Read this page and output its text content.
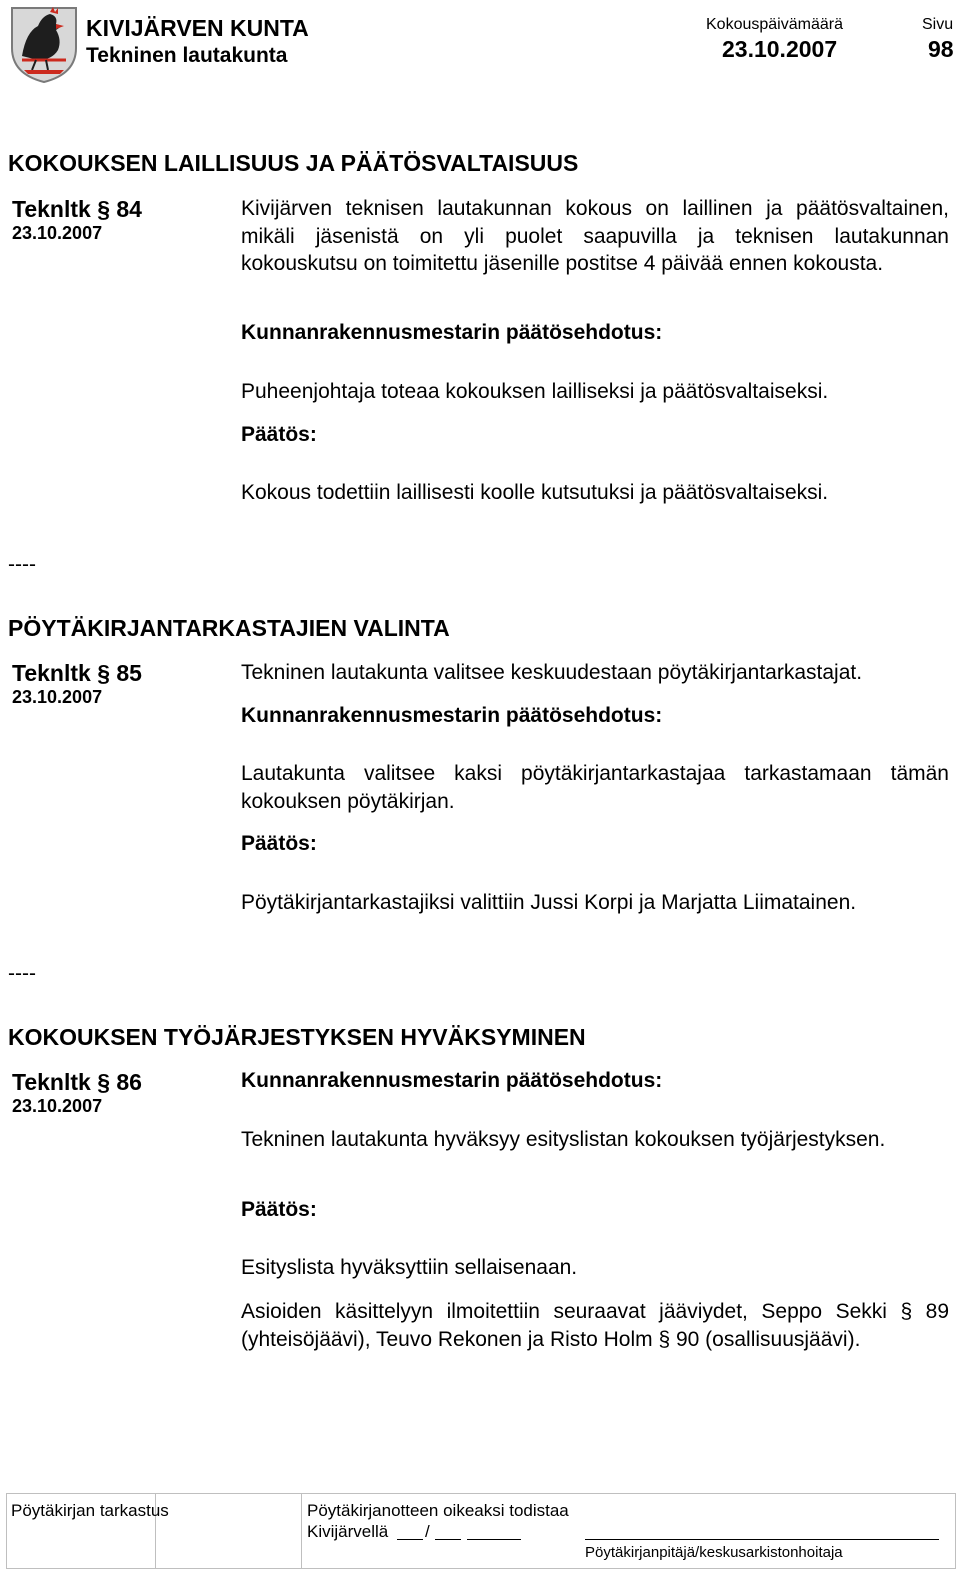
KIVIJÄRVEN KUNTA
Tekninen lautakunta
Kokouspäivämäärä
23.10.2007
Sivu
98
KOKOUKSEN LAILLISUUS JA PÄÄTÖSVALTAISUUS
Teknltk § 84
23.10.2007
Kivijärven teknisen lautakunnan kokous on laillinen ja päätösvaltainen, mikäli jäsenistä on yli puolet saapuvilla ja teknisen lautakunnan kokouskutsu on toimitettu jäsenille postitse 4 päivää ennen kokousta.
Kunnanrakennusmestarin päätösehdotus:
Puheenjohtaja toteaa kokouksen lailliseksi ja päätösvaltaiseksi.
Päätös:
Kokous todettiin laillisesti koolle kutsutuksi ja päätösvaltaiseksi.
----
PÖYTÄKIRJANTARKASTAJIEN VALINTA
Teknltk § 85
23.10.2007
Tekninen lautakunta valitsee keskuudestaan pöytäkirjantarkastajat.
Kunnanrakennusmestarin päätösehdotus:
Lautakunta valitsee kaksi pöytäkirjantarkastajaa tarkastamaan tämän kokouksen pöytäkirjan.
Päätös:
Pöytäkirjantarkastajiksi valittiin Jussi Korpi ja Marjatta Liimatainen.
----
KOKOUKSEN TYÖJÄRJESTYKSEN HYVÄKSYMINEN
Teknltk § 86
23.10.2007
Kunnanrakennusmestarin päätösehdotus:
Tekninen lautakunta hyväksyy esityslistan kokouksen työjärjestyksen.
Päätös:
Esityslista hyväksyttiin sellaisenaan.
Asioiden käsittelyyn ilmoitettiin seuraavat jääviydet, Seppo Sekki § 89 (yhteisöjäävi), Teuvo Rekonen ja Risto Holm § 90 (osallisuusjäävi).
Pöytäkirjan tarkastus	Pöytäkirjanotteen oikeaksi todistaa
Kivijärvellä /
Pöytäkirjanpitäjä/keskusarkistonhoitaja
